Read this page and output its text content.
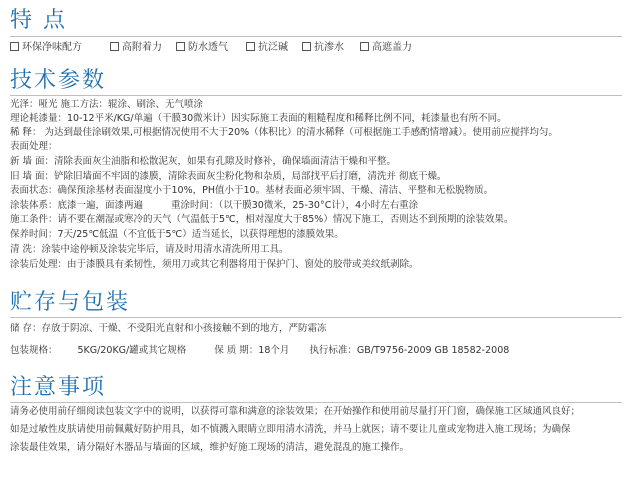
特 点
环保净味配方	高附着力	防水透气	抗泛碱	抗渗水	高遮盖力
技术参数
光泽：哑光 施工方法：辊涂、刷涂、无气喷涂
理论耗漆量：10-12平米/KG/单遍（干膜30微米计）因实际施工表面的粗糙程度和稀释比例不同，耗漆量也有所不同。
稀 释： 为达到最佳涂刷效果,可根据情况使用不大于20%（体积比）的清水稀释（可根据施工手感酌情增减）。使用前应搅拌均匀。
表面处理：
新 墙 面：清除表面灰尘油脂和松散泥灰，如果有孔隙及时修补，确保墙面清洁干燥和平整。
旧 墙 面：铲除旧墙面不牢固的漆膜，清除表面灰尘粉化物和杂质，局部找平后打磨，清洗并 彻底干燥。
表面状态：确保预涂基材表面湿度小于10%，PH值小于10。基材表面必须牢固、干燥、清洁、平整和无松脱物质。
涂装体系：底漆一遍，面漆两遍	重涂时间：（以干膜30微米，25-30°C计），4小时左右重涂
施工条件：请不要在潮湿或寒冷的天气（气温低于5℃，相对湿度大于85%）情况下施工，否则达不到预期的涂装效果。
保养时间：7天/25℃低温（不宜低于5℃）适当延长，以获得理想的漆膜效果。
清 洗：涂装中途停顿及涂装完毕后，请及时用清水清洗所用工具。
涂装后处理：由于漆膜具有柔韧性，须用刀或其它利器将用于保护门、窗处的胶带或美纹纸剥除。
贮存与包装
储 存：存放于阴凉、干燥、不受阳光直射和小孩接触不到的地方，严防霜冻
包装规格： 5KG/20KG/罐或其它规格	保 质 期：18个月 执行标准：GB/T9756-2009 GB 18582-2008
注意事项
请务必使用前仔细阅读包装文字中的说明，以获得可靠和满意的涂装效果；在开始操作和使用前尽量打开门窗，确保施工区域通风良好；
如是过敏性皮肤请使用前佩戴好防护用具，如不慎溅入眼睛立即用清水清洗，并马上就医；请不要让儿童或宠物进入施工现场；为确保
涂装最佳效果，请分隔好木器品与墙面的区域，维护好施工现场的清洁，避免混乱的施工操作。
